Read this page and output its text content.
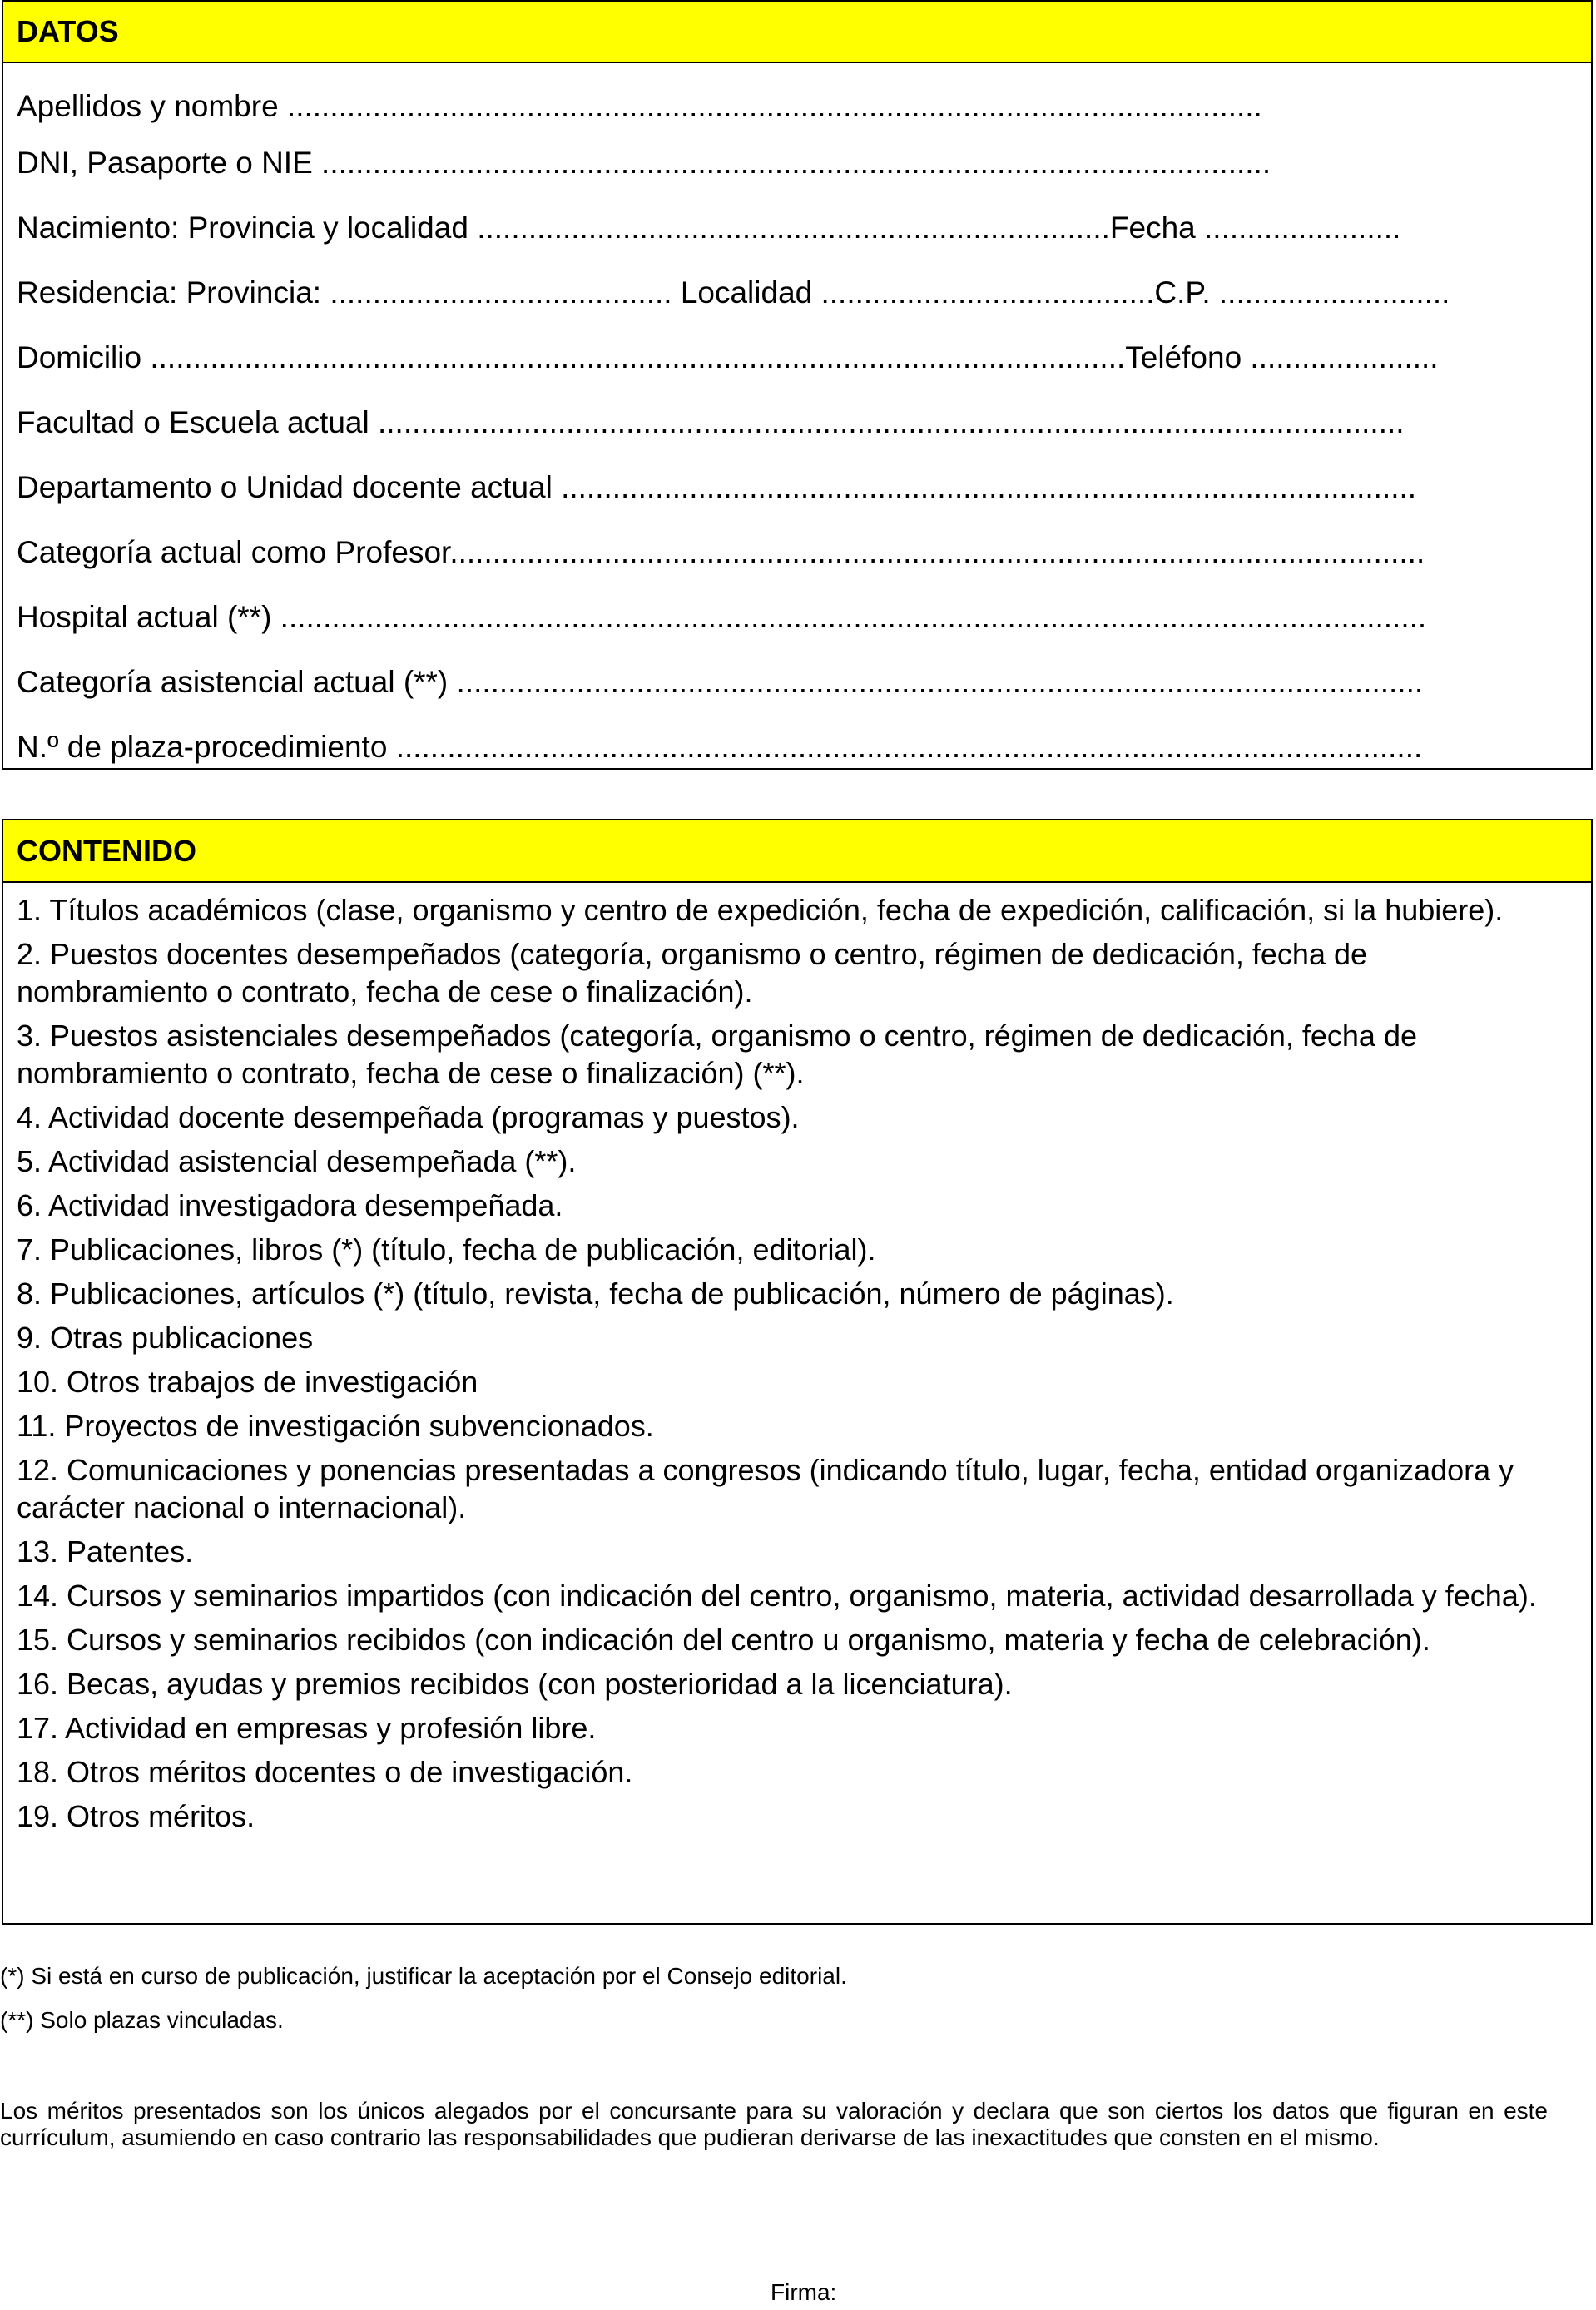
DATOS
Apellidos y nombre ..................................................................................................................
DNI, Pasaporte o NIE ...............................................................................................................
Nacimiento: Provincia y localidad ..........................................................................Fecha .......................
Residencia: Provincia: ........................................ Localidad .......................................C.P. ...........................
Domicilio ..................................................................................................................Teléfono ......................
Facultad o Escuela actual ........................................................................................................................
Departamento o Unidad docente actual ....................................................................................................
Categoría actual como Profesor..................................................................................................................
Hospital actual (**) ......................................................................................................................................
Categoría asistencial actual (**) .................................................................................................................
N.º de plaza-procedimiento ........................................................................................................................
CONTENIDO

1. Títulos académicos (clase, organismo y centro de expedición, fecha de expedición, calificación, si la hubiere).

2. Puestos docentes desempeñados (categoría, organismo o centro, régimen de dedicación, fecha de nombramiento o contrato, fecha de cese o finalización).

3. Puestos asistenciales desempeñados (categoría, organismo o centro, régimen de dedicación, fecha de nombramiento o contrato, fecha de cese o finalización) (**).

4. Actividad docente desempeñada (programas y puestos).

5. Actividad asistencial desempeñada (**).

6. Actividad investigadora desempeñada.

7. Publicaciones, libros (*) (título, fecha de publicación, editorial).

8. Publicaciones, artículos (*) (título, revista, fecha de publicación, número de páginas).

9. Otras publicaciones

10. Otros trabajos de investigación

11. Proyectos de investigación subvencionados.

12. Comunicaciones y ponencias presentadas a congresos (indicando título, lugar, fecha, entidad organizadora y carácter nacional o internacional).

13. Patentes.

14. Cursos y seminarios impartidos (con indicación del centro, organismo, materia, actividad desarrollada y fecha).

15. Cursos y seminarios recibidos (con indicación del centro u organismo, materia y fecha de celebración).

16. Becas, ayudas y premios recibidos (con posterioridad a la licenciatura).

17. Actividad en empresas y profesión libre.

18. Otros méritos docentes o de investigación.

19. Otros méritos.

(*) Si está en curso de publicación, justificar la aceptación por el Consejo editorial.
(**) Solo plazas vinculadas.
Los méritos presentados son los únicos alegados por el concursante para su valoración y declara que son ciertos los datos que figuran en este currículum, asumiendo en caso contrario las responsabilidades que pudieran derivarse de las inexactitudes que consten en el mismo.
Firma:
